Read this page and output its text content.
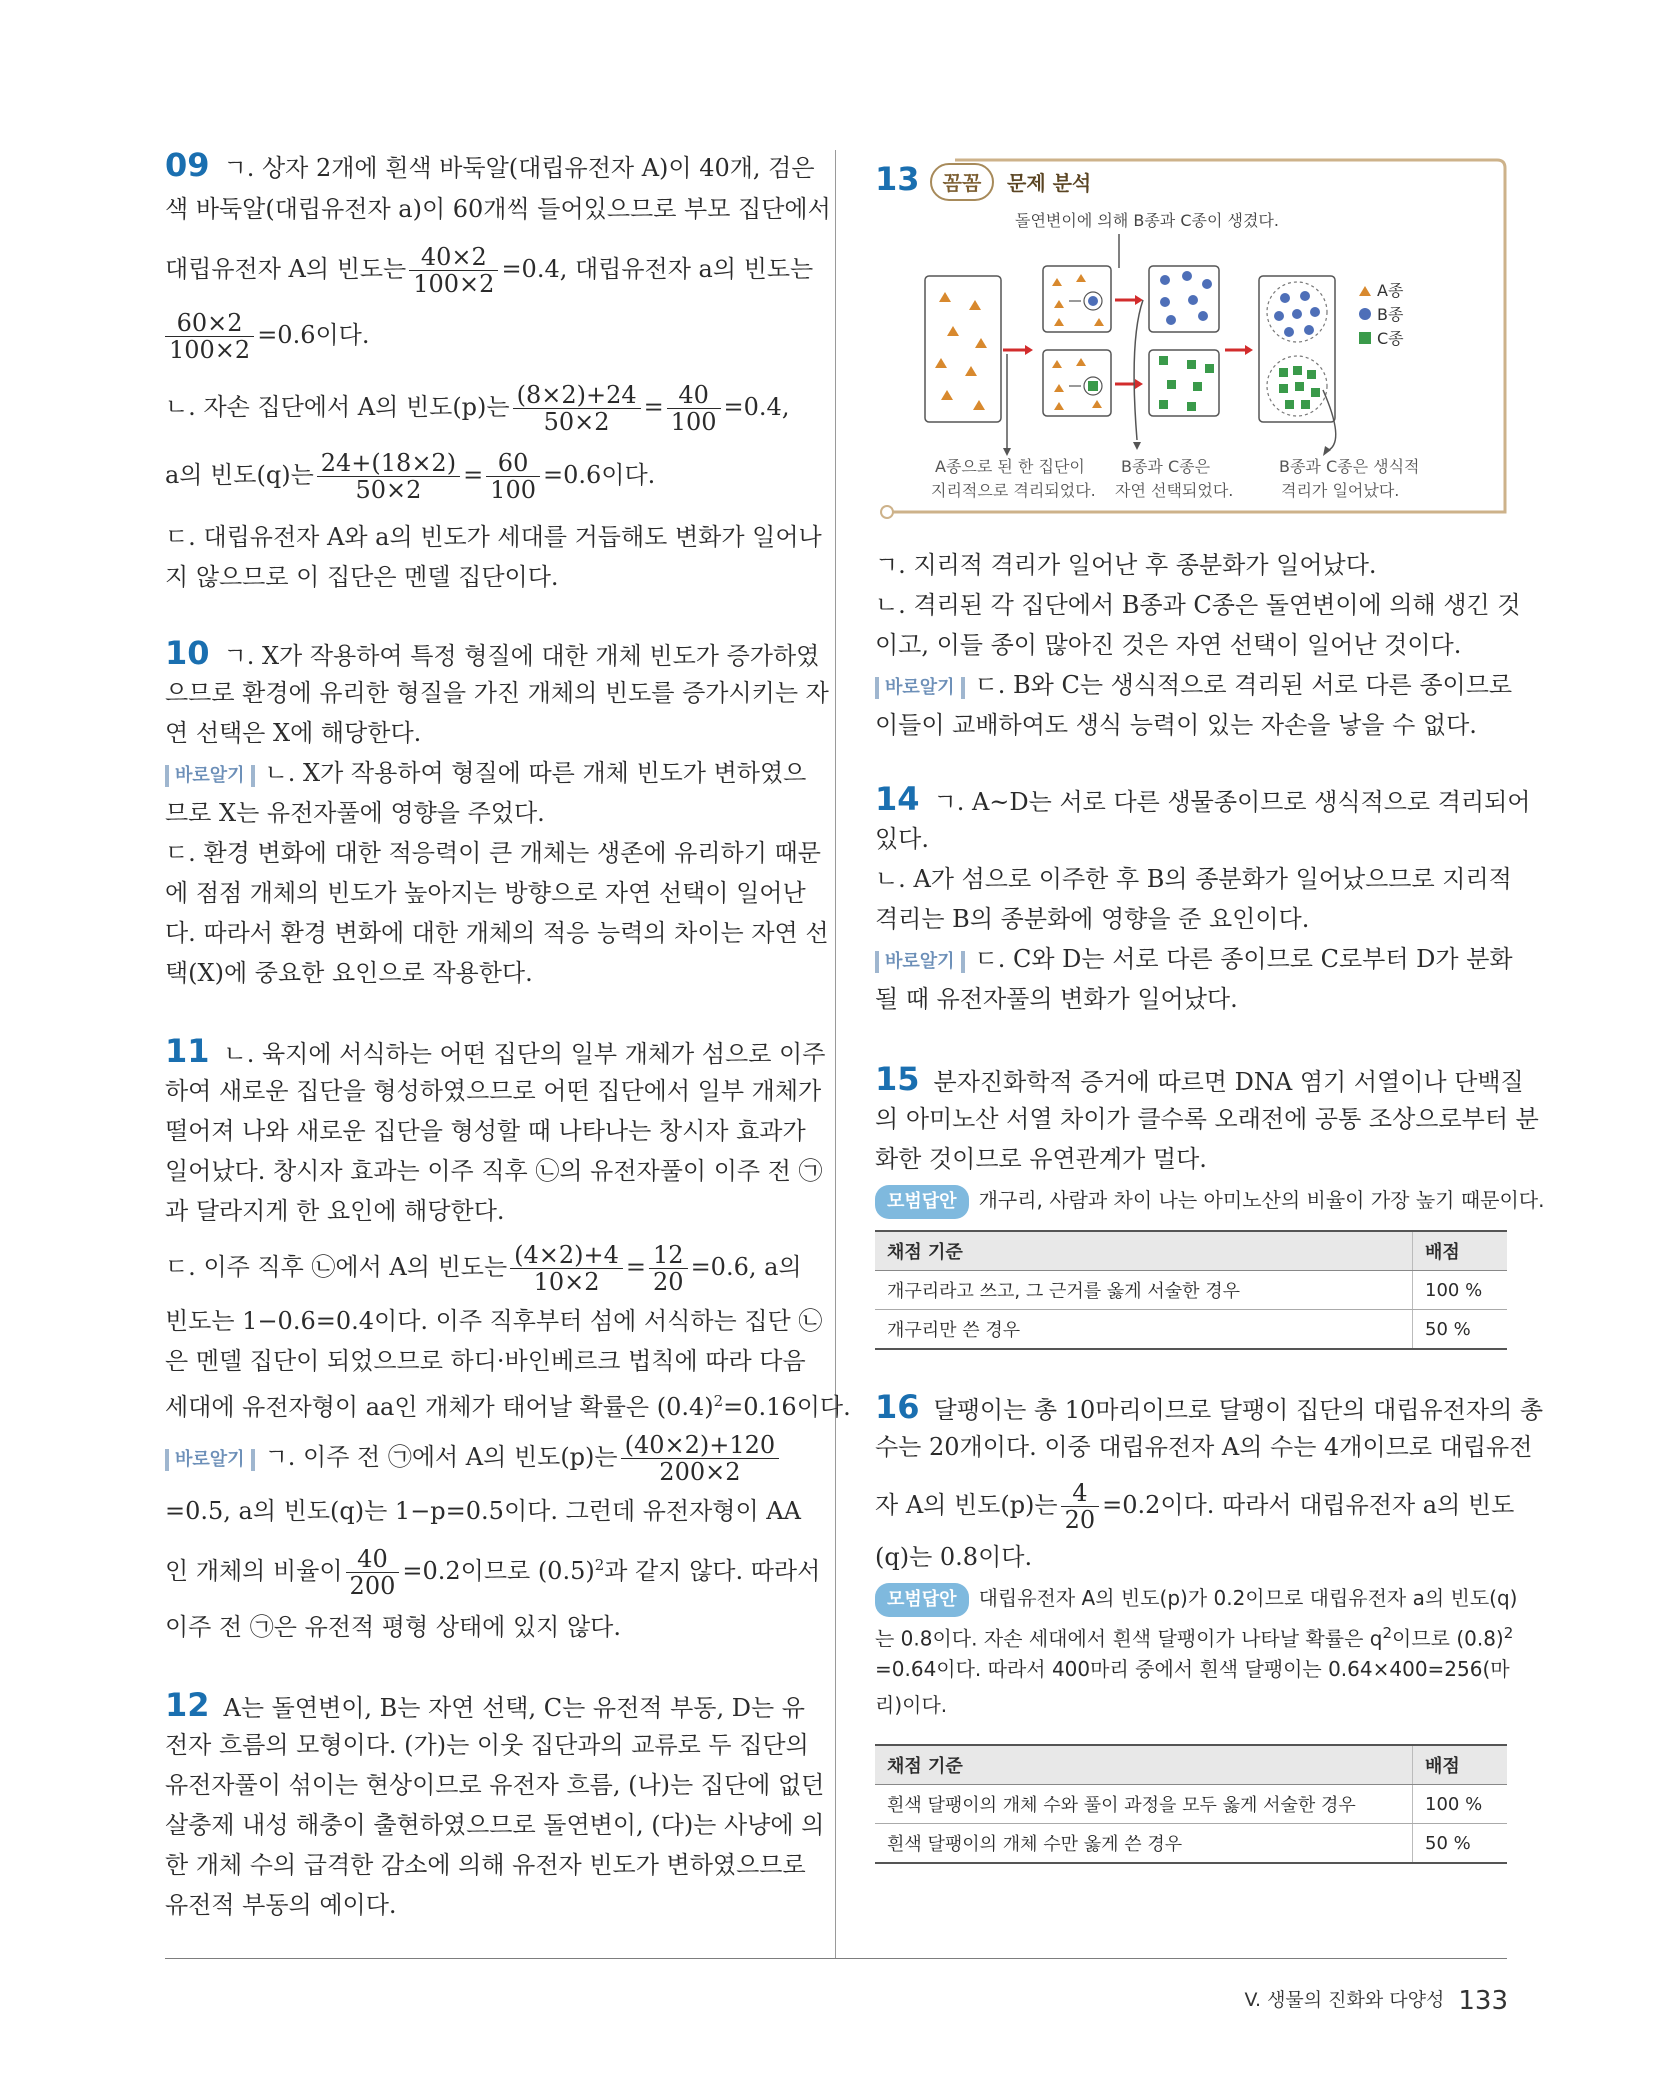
09 ㄱ. 상자 2개에 흰색 바둑알(대립유전자 A)이 40개, 검은
색 바둑알(대립유전자 a)이 60개씩 들어있으므로 부모 집단에서
대립유전자 A의 빈도는 $\frac{40\times 2}{100\times 2} =0.4$, 대립유전자 a의 빈도는
$\frac{60\times 2}{100\times 2} =0.6$이다.
ㄴ. 자손 집단에서 A의 빈도(p)는 $\frac{(8\times 2)+24}{50\times 2} = \frac{40}{100} =0.4$,
a의 빈도(q)는 $\frac{24+(18\times 2)}{50\times 2} = \frac{60}{100} =0.6$이다.
ㄷ. 대립유전자 A와 a의 빈도가 세대를 거듭해도 변화가 일어나
지 않으므로 이 집단은 멘델 집단이다.
10 ㄱ. X가 작용하여 특정 형질에 대한 개체 빈도가 증가하였
으므로 환경에 유리한 형질을 가진 개체의 빈도를 증가시키는 자
연 선택은 X에 해당한다.
바로알기 ㄴ. X가 작용하여 형질에 따른 개체 빈도가 변하였으
므로 X는 유전자풀에 영향을 주었다.
ㄷ. 환경 변화에 대한 적응력이 큰 개체는 생존에 유리하기 때문
에 점점 개체의 빈도가 높아지는 방향으로 자연 선택이 일어난
다. 따라서 환경 변화에 대한 개체의 적응 능력의 차이는 자연 선
택(X)에 중요한 요인으로 작용한다.
11 ㄴ. 육지에 서식하는 어떤 집단의 일부 개체가 섬으로 이주
하여 새로운 집단을 형성하였으므로 어떤 집단에서 일부 개체가
떨어져 나와 새로운 집단을 형성할 때 나타나는 창시자 효과가
일어났다. 창시자 효과는 이주 직후 ㉡의 유전자풀이 이주 전 ㉠
과 달라지게 한 요인에 해당한다.
ㄷ. 이주 직후 ㉡에서 A의 빈도는 $\frac{(4\times 2)+4}{10\times 2} = \frac{12}{20} =0.6$, a의
빈도는 1−0.6=0.4이다. 이주 직후부터 섬에 서식하는 집단 ㉡
은 멘델 집단이 되었으므로 하디·바인베르크 법칙에 따라 다음
세대에 유전자형이 aa인 개체가 태어날 확률은 $(0.4)^2=0.16$이다.
바로알기 ㄱ. 이주 전 ㉠에서 A의 빈도(p)는 $\frac{(40\times 2)+120}{200\times 2}$
=0.5, a의 빈도(q)는 1−p=0.5이다. 그런데 유전자형이 AA
인 개체의 비율이 $\frac{40}{200} =0.2$이므로 $(0.5)^2$과 같지 않다. 따라서
이주 전 ㉠은 유전적 평형 상태에 있지 않다.
12 A는 돌연변이, B는 자연 선택, C는 유전적 부동, D는 유
전자 흐름의 모형이다. (가)는 이웃 집단과의 교류로 두 집단의
유전자풀이 섞이는 현상이므로 유전자 흐름, (나)는 집단에 없던
살충제 내성 해충이 출현하였으므로 돌연변이, (다)는 사냥에 의
한 개체 수의 급격한 감소에 의해 유전자 빈도가 변하였으므로
유전적 부동의 예이다.
13 꼼꼼 문제 분석
돌연변이에 의해 B종과 C종이 생겼다.
A종
B종
C종
A종으로 된 한 집단이
지리적으로 격리되었다.
B종과 C종은
자연 선택되었다.
B종과 C종은 생식적
격리가 일어났다.
ㄱ. 지리적 격리가 일어난 후 종분화가 일어났다.
ㄴ. 격리된 각 집단에서 B종과 C종은 돌연변이에 의해 생긴 것
이고, 이들 종이 많아진 것은 자연 선택이 일어난 것이다.
바로알기 ㄷ. B와 C는 생식적으로 격리된 서로 다른 종이므로
이들이 교배하여도 생식 능력이 있는 자손을 낳을 수 없다.
14 ㄱ. A~D는 서로 다른 생물종이므로 생식적으로 격리되어
있다.
ㄴ. A가 섬으로 이주한 후 B의 종분화가 일어났으므로 지리적
격리는 B의 종분화에 영향을 준 요인이다.
바로알기 ㄷ. C와 D는 서로 다른 종이므로 C로부터 D가 분화
될 때 유전자풀의 변화가 일어났다.
15 분자진화학적 증거에 따르면 DNA 염기 서열이나 단백질
의 아미노산 서열 차이가 클수록 오래전에 공통 조상으로부터 분
화한 것이므로 유연관계가 멀다.
모범답안 개구리, 사람과 차이 나는 아미노산의 비율이 가장 높기 때문이다.
채점 기준	배점
개구리라고 쓰고, 그 근거를 옳게 서술한 경우	100 %
개구리만 쓴 경우	50 %
16 달팽이는 총 10마리이므로 달팽이 집단의 대립유전자의 총
수는 20개이다. 이중 대립유전자 A의 수는 4개이므로 대립유전
자 A의 빈도(p)는 $\frac{4}{20} =0.2$이다. 따라서 대립유전자 a의 빈도
(q)는 0.8이다.
모범답안 대립유전자 A의 빈도(p)가 0.2이므로 대립유전자 a의 빈도(q)
는 0.8이다. 자손 세대에서 흰색 달팽이가 나타날 확률은 $q^2$이므로 $(0.8)^2$
=0.64이다. 따라서 400마리 중에서 흰색 달팽이는 0.64×400=256(마
리)이다.
채점 기준	배점
흰색 달팽이의 개체 수와 풀이 과정을 모두 옳게 서술한 경우	100 %
흰색 달팽이의 개체 수만 옳게 쓴 경우	50 %
V. 생물의 진화와 다양성 133
